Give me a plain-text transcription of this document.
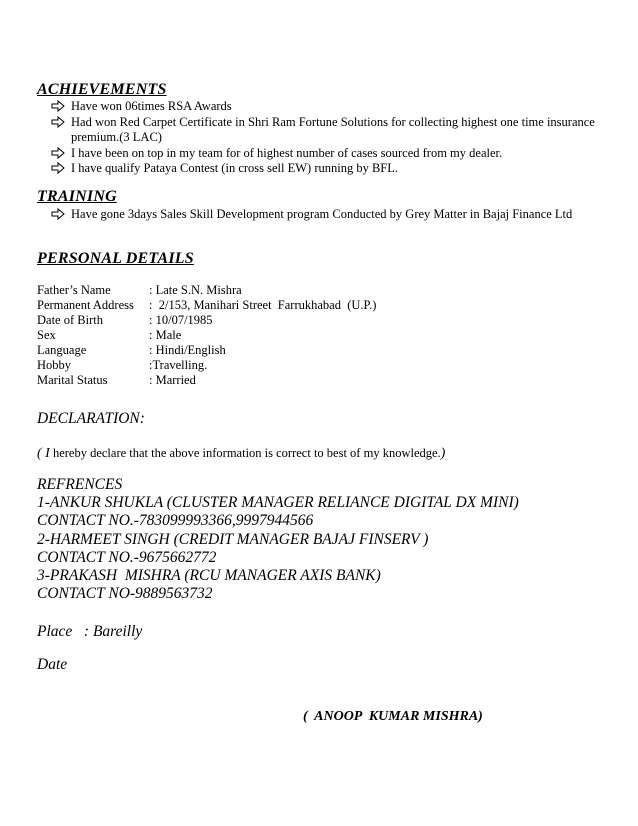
ACHIEVEMENTS
Have won 06times RSA Awards
Had won Red Carpet Certificate in Shri Ram Fortune Solutions for collecting highest one time insurance
premium.(3 LAC)
I have been on top in my team for of highest number of cases sourced from my dealer.
I have qualify Pataya Contest (in cross sell EW) running by BFL.
TRAINING
Have gone 3days Sales Skill Development program Conducted by Grey Matter in Bajaj Finance Ltd
PERSONAL DETAILS
Father’s Name	: Late S.N. Mishra
Permanent Address	:  2/153, Manihari Street  Farrukhabad  (U.P.)
Date of Birth	: 10/07/1985
Sex	: Male
Language	: Hindi/English
Hobby	:Travelling.
Marital Status	: Married
DECLARATION:
( I hereby declare that the above information is correct to best of my knowledge.)
REFRENCES
1-ANKUR SHUKLA (CLUSTER MANAGER RELIANCE DIGITAL DX MINI)
CONTACT NO.-783099993366,9997944566
2-HARMEET SINGH (CREDIT MANAGER BAJAJ FINSERV )
CONTACT NO.-9675662772
3-PRAKASH  MISHRA (RCU MANAGER AXIS BANK)
CONTACT NO-9889563732
Place   : Bareilly
Date
(  ANOOP  KUMAR MISHRA)
